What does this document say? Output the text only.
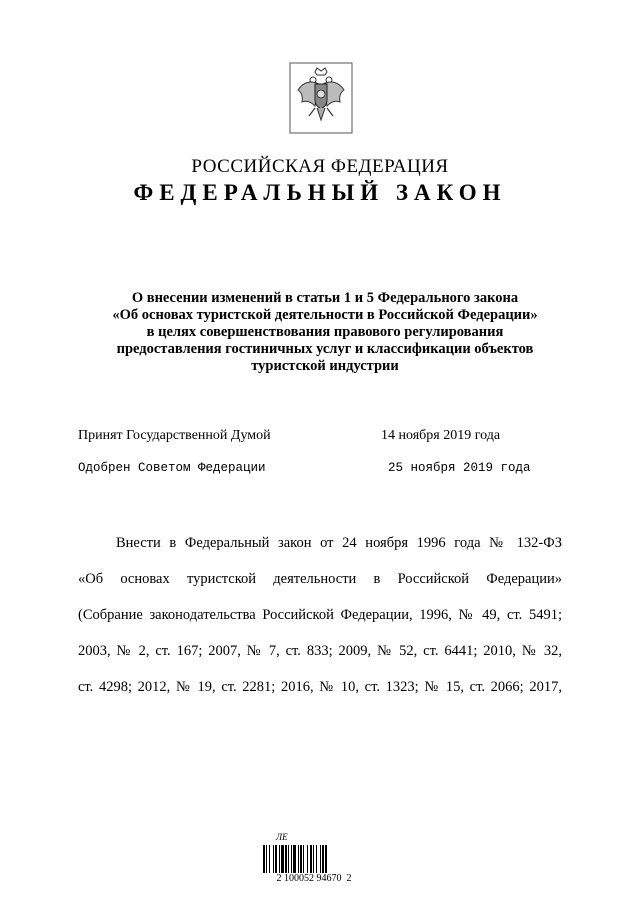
РОССИЙСКАЯ ФЕДЕРАЦИЯ
ФЕДЕРАЛЬНЫЙ ЗАКОН
О внесении изменений в статьи 1 и 5 Федерального закона
«Об основах туристской деятельности в Российской Федерации»
в целях совершенствования правового регулирования
предоставления гостиничных услуг и классификации объектов
туристской индустрии
Принят Государственной Думой	14 ноября 2019 года
Одобрен Советом Федерации	25 ноября 2019 года
Внести в Федеральный закон от 24 ноября 1996 года № 132-ФЗ
«Об основах туристской деятельности в Российской Федерации»
(Собрание законодательства Российской Федерации, 1996, № 49, ст. 5491;
2003, № 2, ст. 167; 2007, № 7, ст. 833; 2009, № 52, ст. 6441; 2010, № 32,
ст. 4298; 2012, № 19, ст. 2281; 2016, № 10, ст. 1323; № 15, ст. 2066; 2017,
ЛЕ
2 100052 94670  2
